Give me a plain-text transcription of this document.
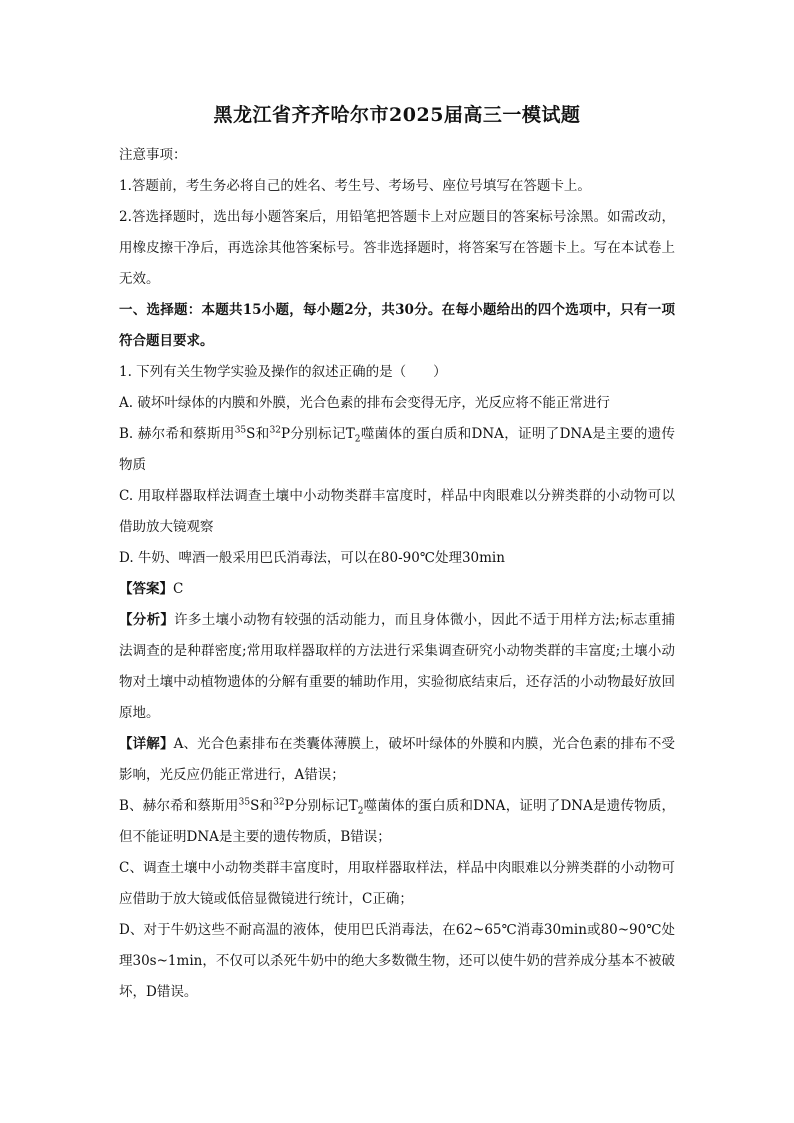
黑龙江省齐齐哈尔市2025届高三一模试题

注意事项：

1.答题前，考生务必将自己的姓名、考生号、考场号、座位号填写在答题卡上。

2.答选择题时，选出每小题答案后，用铅笔把答题卡上对应题目的答案标号涂黑。如需改动，用橡皮擦干净后，再选涂其他答案标号。答非选择题时，将答案写在答题卡上。写在本试卷上无效。

一、选择题：本题共15小题，每小题2分，共30分。在每小题给出的四个选项中，只有一项符合题目要求。

1. 下列有关生物学实验及操作的叙述正确的是（　　）

A. 破坏叶绿体的内膜和外膜，光合色素的排布会变得无序，光反应将不能正常进行

B. 赫尔希和蔡斯用$^{35}$S和$^{32}$P分别标记$T_2$噬菌体的蛋白质和DNA，证明了DNA是主要的遗传物质

C. 用取样器取样法调查土壤中小动物类群丰富度时，样品中肉眼难以分辨类群的小动物可以借助放大镜观察

D. 牛奶、啤酒一般采用巴氏消毒法，可以在80-90℃处理30min

【答案】C

【分析】许多土壤小动物有较强的活动能力，而且身体微小，因此不适于用样方法;标志重捕法调查的是种群密度;常用取样器取样的方法进行采集调查研究小动物类群的丰富度;土壤小动物对土壤中动植物遗体的分解有重要的辅助作用，实验彻底结束后，还存活的小动物最好放回原地。

【详解】A、光合色素排布在类囊体薄膜上，破坏叶绿体的外膜和内膜，光合色素的排布不受影响，光反应仍能正常进行，A错误；

B、赫尔希和蔡斯用$^{35}$S和$^{32}$P分别标记$T_2$噬菌体的蛋白质和DNA，证明了DNA是遗传物质，但不能证明DNA是主要的遗传物质，B错误；

C、调查土壤中小动物类群丰富度时，用取样器取样法，样品中肉眼难以分辨类群的小动物可应借助于放大镜或低倍显微镜进行统计，C正确；

D、对于牛奶这些不耐高温的液体，使用巴氏消毒法，在62~65℃消毒30min或80~90℃处理30s~1min，不仅可以杀死牛奶中的绝大多数微生物，还可以使牛奶的营养成分基本不被破坏，D错误。
